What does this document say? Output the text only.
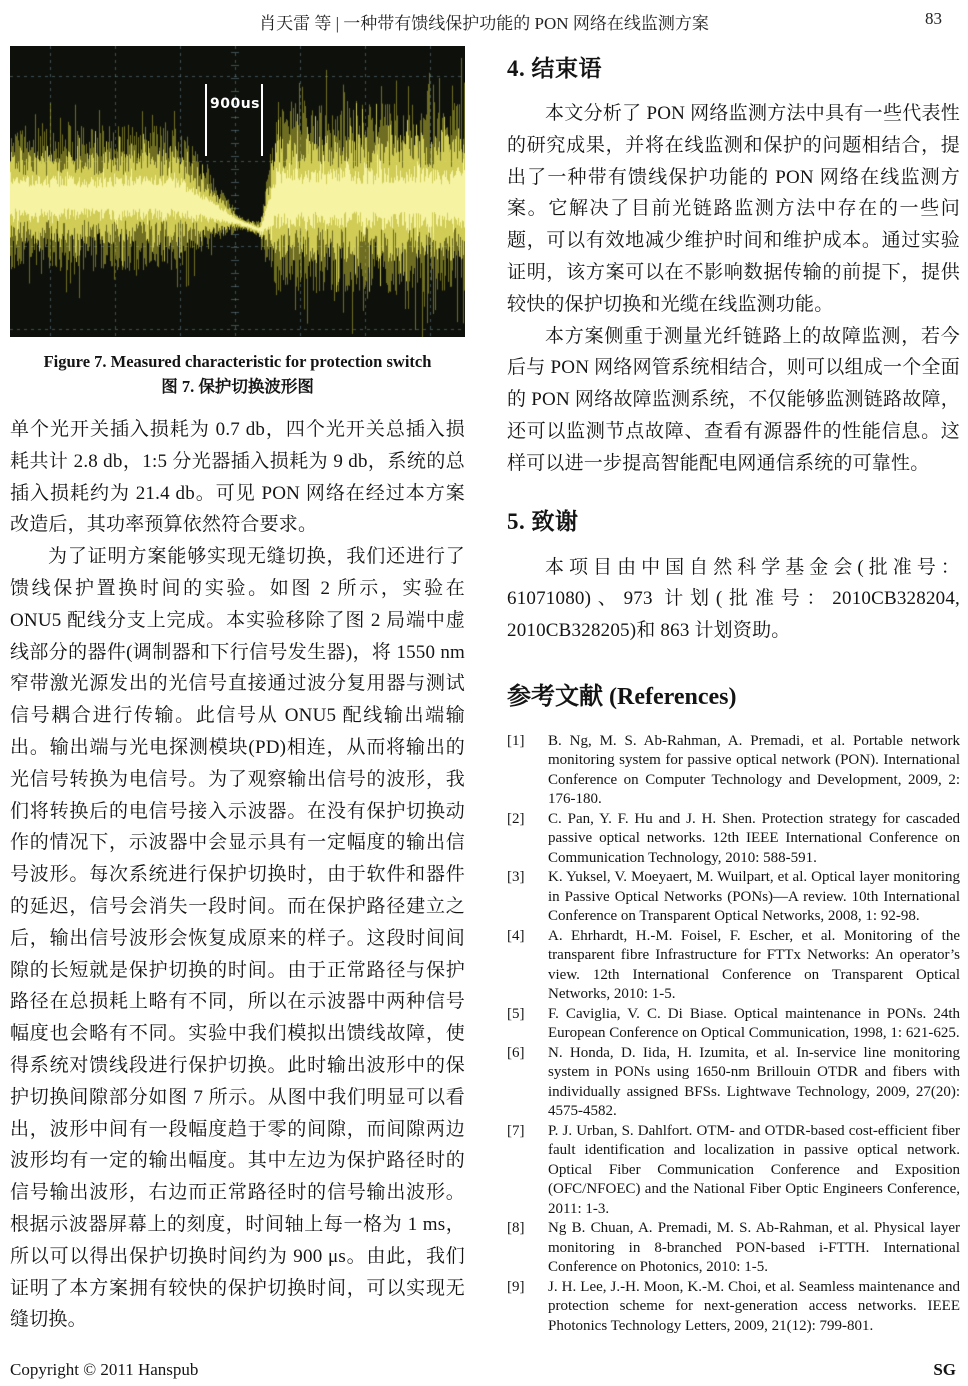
肖天雷 等 | 一种带有馈线保护功能的 PON 网络在线监测方案	83
900us
Figure 7. Measured characteristic for protection switch
图 7. 保护切换波形图

单个光开关插入损耗为 0.7 db，四个光开关总插入损耗共计 2.8 db，1:5 分光器插入损耗为 9 db，系统的总插入损耗约为 21.4 db。可见 PON 网络在经过本方案改造后，其功率预算依然符合要求。

为了证明方案能够实现无缝切换，我们还进行了馈线保护置换时间的实验。如图 2 所示，实验在 ONU5 配线分支上完成。本实验移除了图 2 局端中虚线部分的器件(调制器和下行信号发生器)，将 1550 nm 窄带激光源发出的光信号直接通过波分复用器与测试信号耦合进行传输。此信号从 ONU5 配线输出端输出。输出端与光电探测模块(PD)相连，从而将输出的光信号转换为电信号。为了观察输出信号的波形，我们将转换后的电信号接入示波器。在没有保护切换动作的情况下，示波器中会显示具有一定幅度的输出信号波形。每次系统进行保护切换时，由于软件和器件的延迟，信号会消失一段时间。而在保护路径建立之后，输出信号波形会恢复成原来的样子。这段时间间隙的长短就是保护切换的时间。由于正常路径与保护路径在总损耗上略有不同，所以在示波器中两种信号幅度也会略有不同。实验中我们模拟出馈线故障，使得系统对馈线段进行保护切换。此时输出波形中的保护切换间隙部分如图 7 所示。从图中我们明显可以看出，波形中间有一段幅度趋于零的间隙，而间隙两边波形均有一定的输出幅度。其中左边为保护路径时的信号输出波形，右边而正常路径时的信号输出波形。根据示波器屏幕上的刻度，时间轴上每一格为 1 ms，所以可以得出保护切换时间约为 900 μs。由此，我们证明了本方案拥有较快的保护切换时间，可以实现无缝切换。

4. 结束语

本文分析了 PON 网络监测方法中具有一些代表性的研究成果，并将在线监测和保护的问题相结合，提出了一种带有馈线保护功能的 PON 网络在线监测方案。它解决了目前光链路监测方法中存在的一些问题，可以有效地减少维护时间和维护成本。通过实验证明，该方案可以在不影响数据传输的前提下，提供较快的保护切换和光缆在线监测功能。

本方案侧重于测量光纤链路上的故障监测，若今后与 PON 网络网管系统相结合，则可以组成一个全面的 PON 网络故障监测系统，不仅能够监测链路故障，还可以监测节点故障、查看有源器件的性能信息。这样可以进一步提高智能配电网通信系统的可靠性。

5. 致谢

本项目由中国自然科学基金会(批准号：61071080)、973 计划(批准号：2010CB328204, 2010CB328205)和 863 计划资助。

参考文献 (References)
[1]	B. Ng, M. S. Ab-Rahman, A. Premadi, et al. Portable network monitoring system for passive optical network (PON). International Conference on Computer Technology and Development, 2009, 2: 176-180.
[2]	C. Pan, Y. F. Hu and J. H. Shen. Protection strategy for cascaded passive optical networks. 12th IEEE International Conference on Communication Technology, 2010: 588-591.
[3]	K. Yuksel, V. Moeyaert, M. Wuilpart, et al. Optical layer monitoring in Passive Optical Networks (PONs)—A review. 10th International Conference on Transparent Optical Networks, 2008, 1: 92-98.
[4]	A. Ehrhardt, H.-M. Foisel, F. Escher, et al. Monitoring of the transparent fibre Infrastructure for FTTx Networks: An operator’s view. 12th International Conference on Transparent Optical Networks, 2010: 1-5.
[5]	F. Caviglia, V. C. Di Biase. Optical maintenance in PONs. 24th European Conference on Optical Communication, 1998, 1: 621-625.
[6]	N. Honda, D. Iida, H. Izumita, et al. In-service line monitoring system in PONs using 1650-nm Brillouin OTDR and fibers with individually assigned BFSs. Lightwave Technology, 2009, 27(20): 4575-4582.
[7]	P. J. Urban, S. Dahlfort. OTM- and OTDR-based cost-efficient fiber fault identification and localization in passive optical network. Optical Fiber Communication Conference and Exposition (OFC/NFOEC) and the National Fiber Optic Engineers Conference, 2011: 1-3.
[8]	Ng B. Chuan, A. Premadi, M. S. Ab-Rahman, et al. Physical layer monitoring in 8-branched PON-based i-FTTH. International Conference on Photonics, 2010: 1-5.
[9]	J. H. Lee, J.-H. Moon, K.-M. Choi, et al. Seamless maintenance and protection scheme for next-generation access networks. IEEE Photonics Technology Letters, 2009, 21(12): 799-801.
Copyright © 2011 Hanspub	SG
